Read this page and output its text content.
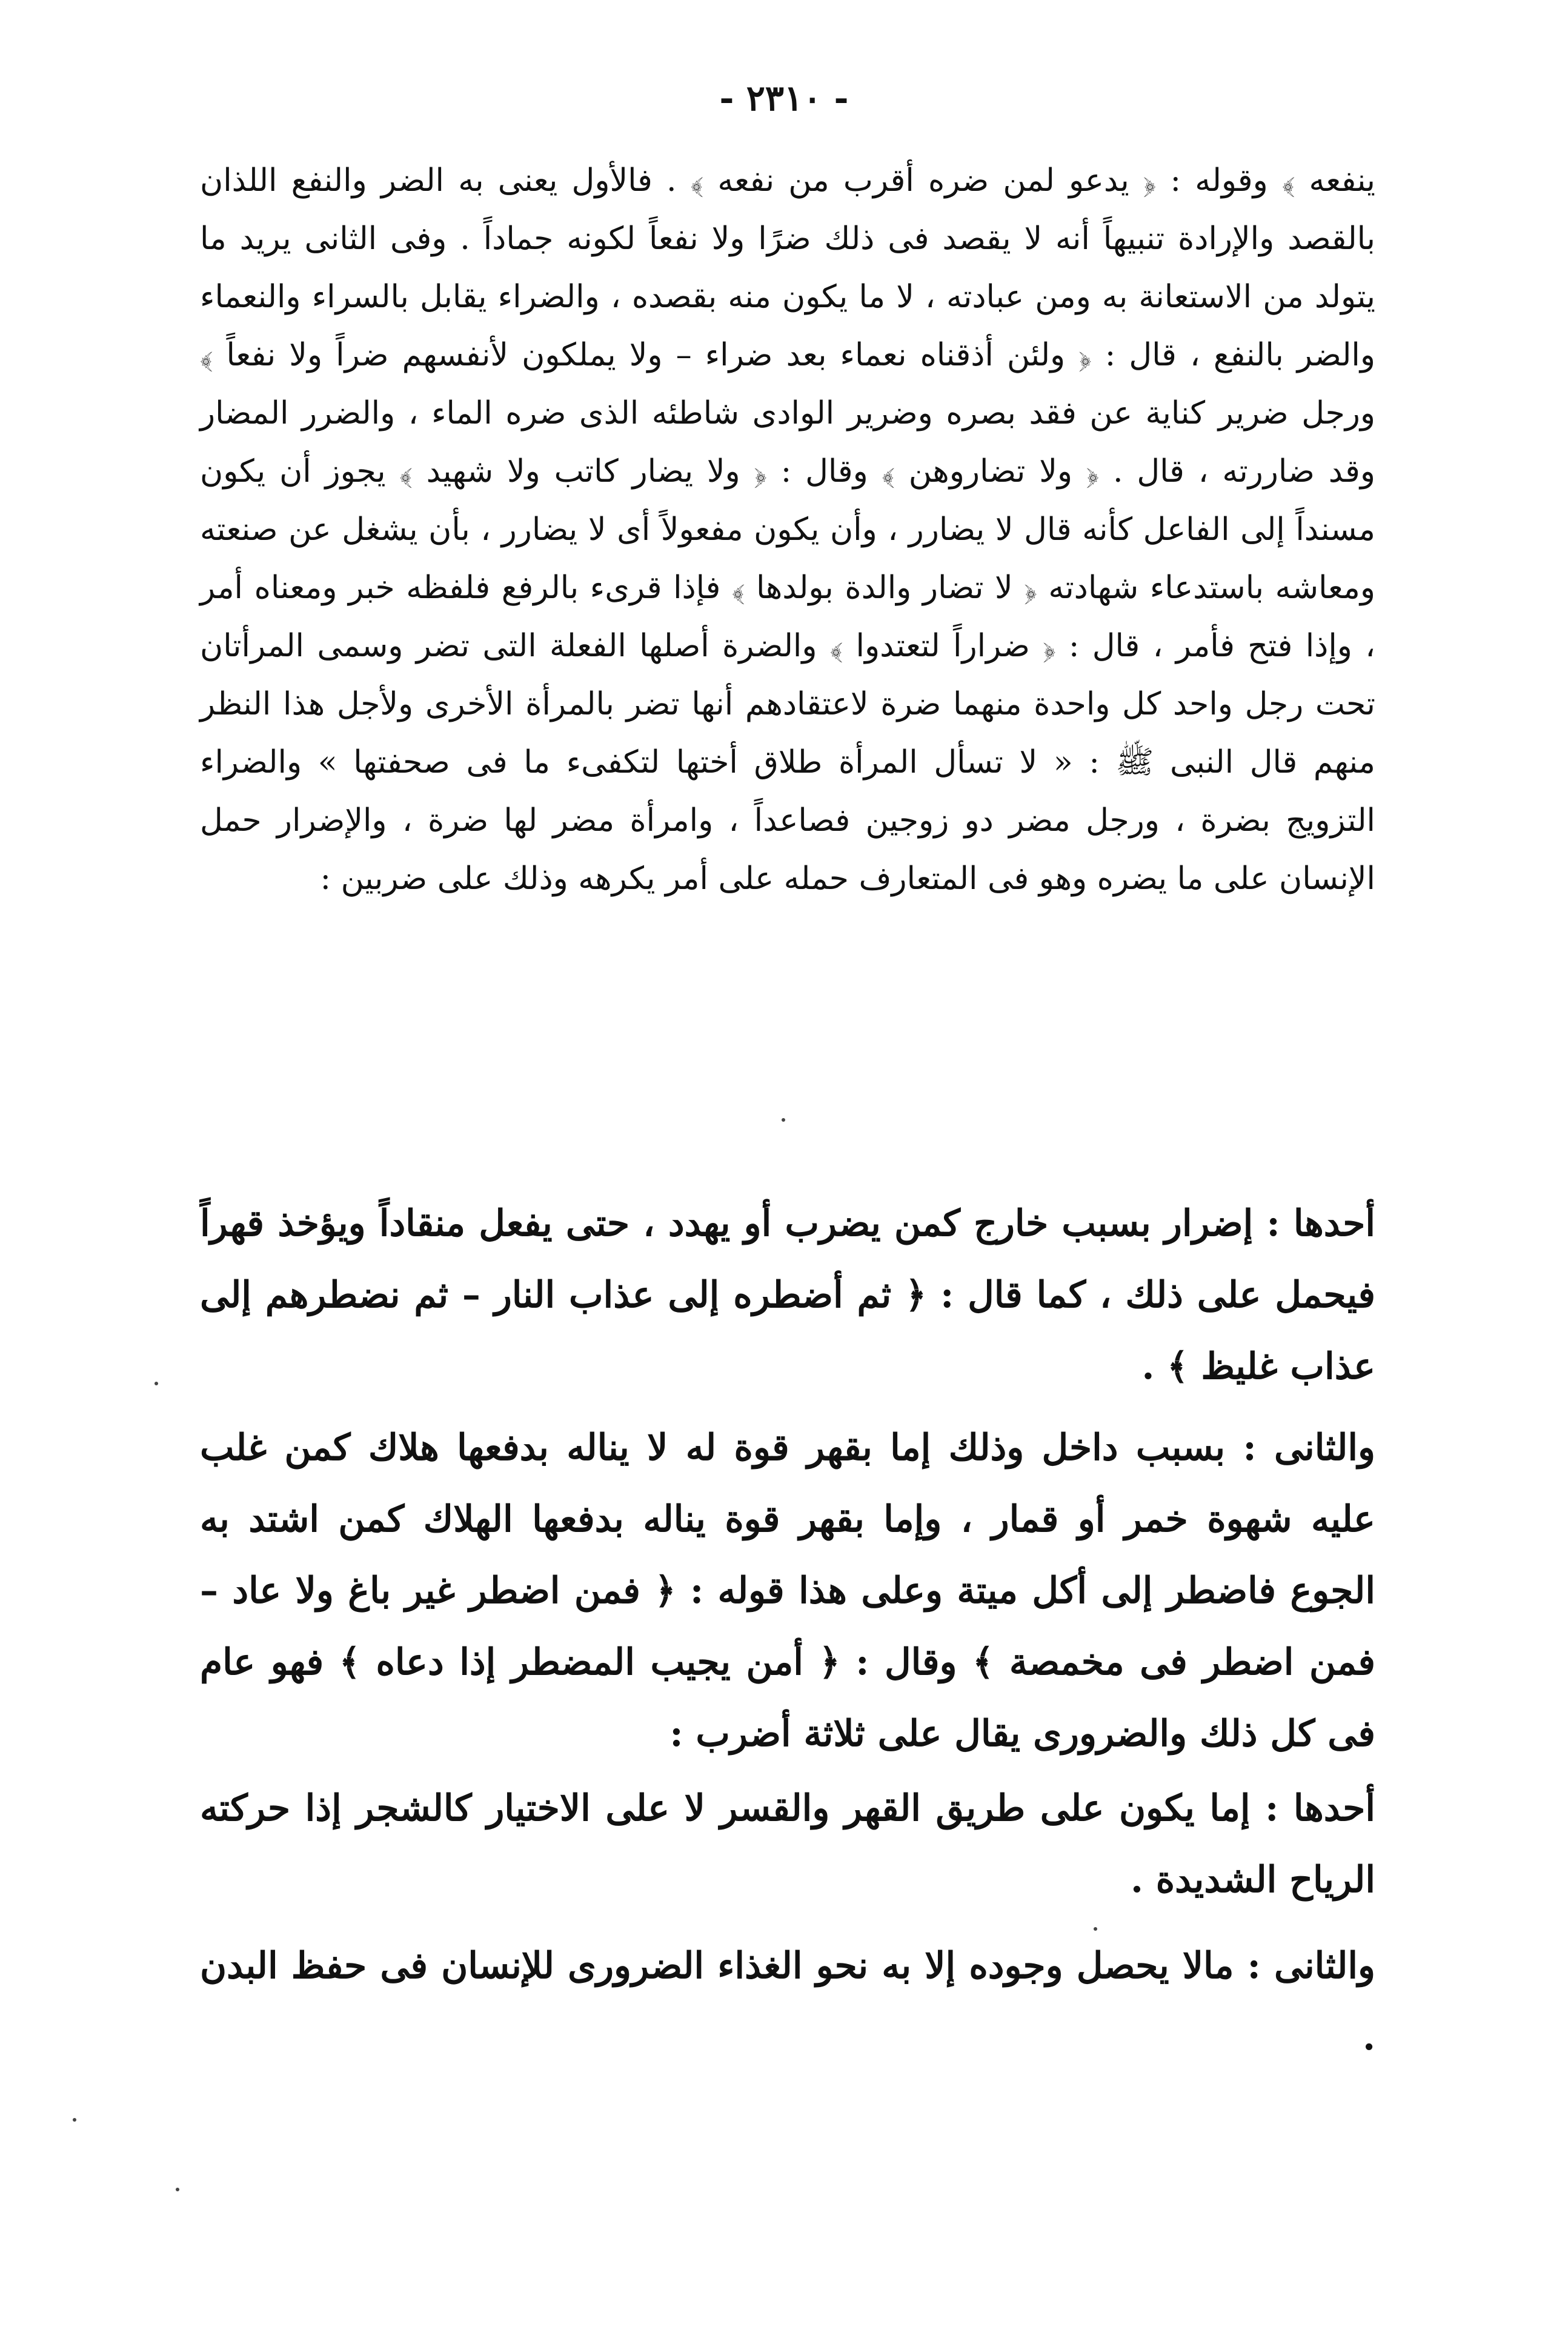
- ٢٣١٠ -
ينفعه ﴾ وقوله : ﴿ يدعو لمن ضره أقرب من نفعه ﴾ . فالأول يعنى به الضر والنفع اللذان بالقصد والإرادة تنبيهاً أنه لا يقصد فى ذلك ضرًا ولا نفعاً لكونه جماداً . وفى الثانى يريد ما يتولد من الاستعانة به ومن عبادته ، لا ما يكون منه بقصده ، والضراء يقابل بالسراء والنعماء والضر بالنفع ، قال : ﴿ ولئن أذقناه نعماء بعد ضراء – ولا يملكون لأنفسهم ضراً ولا نفعاً ﴾ ورجل ضرير كناية عن فقد بصره وضرير الوادى شاطئه الذى ضره الماء ، والضرر المضار وقد ضاررته ، قال . ﴿ ولا تضاروهن ﴾ وقال : ﴿ ولا يضار كاتب ولا شهيد ﴾ يجوز أن يكون مسنداً إلى الفاعل كأنه قال لا يضارر ، وأن يكون مفعولاً أى لا يضارر ، بأن يشغل عن صنعته ومعاشه باستدعاء شهادته ﴿ لا تضار والدة بولدها ﴾ فإذا قرىء بالرفع فلفظه خبر ومعناه أمر ، وإذا فتح فأمر ، قال : ﴿ ضراراً لتعتدوا ﴾ والضرة أصلها الفعلة التى تضر وسمى المرأتان تحت رجل واحد كل واحدة منهما ضرة لاعتقادهم أنها تضر بالمرأة الأخرى ولأجل هذا النظر منهم قال النبى ﷺ : « لا تسأل المرأة طلاق أختها لتكفىء ما فى صحفتها » والضراء التزويج بضرة ، ورجل مضر دو زوجين فصاعداً ، وامرأة مضر لها ضرة ، والإضرار حمل الإنسان على ما يضره وهو فى المتعارف حمله على أمر يكرهه وذلك على ضربين :
أحدها : إضرار بسبب خارج كمن يضرب أو يهدد ، حتى يفعل منقاداً ويؤخذ قهراً فيحمل على ذلك ، كما قال : ﴿ ثم أضطره إلى عذاب النار – ثم نضطرهم إلى عذاب غليظ ﴾ .
والثانى : بسبب داخل وذلك إما بقهر قوة له لا يناله بدفعها هلاك كمن غلب عليه شهوة خمر أو قمار ، وإما بقهر قوة يناله بدفعها الهلاك كمن اشتد به الجوع فاضطر إلى أكل ميتة وعلى هذا قوله : ﴿ فمن اضطر غير باغ ولا عاد – فمن اضطر فى مخمصة ﴾ وقال : ﴿ أمن يجيب المضطر إذا دعاه ﴾ فهو عام فى كل ذلك والضرورى يقال على ثلاثة أضرب :
أحدها : إما يكون على طريق القهر والقسر لا على الاختيار كالشجر إذا حركته الرياح الشديدة .
والثانى : مالا يحصل وجوده إلا به نحو الغذاء الضرورى للإنسان فى حفظ البدن .
